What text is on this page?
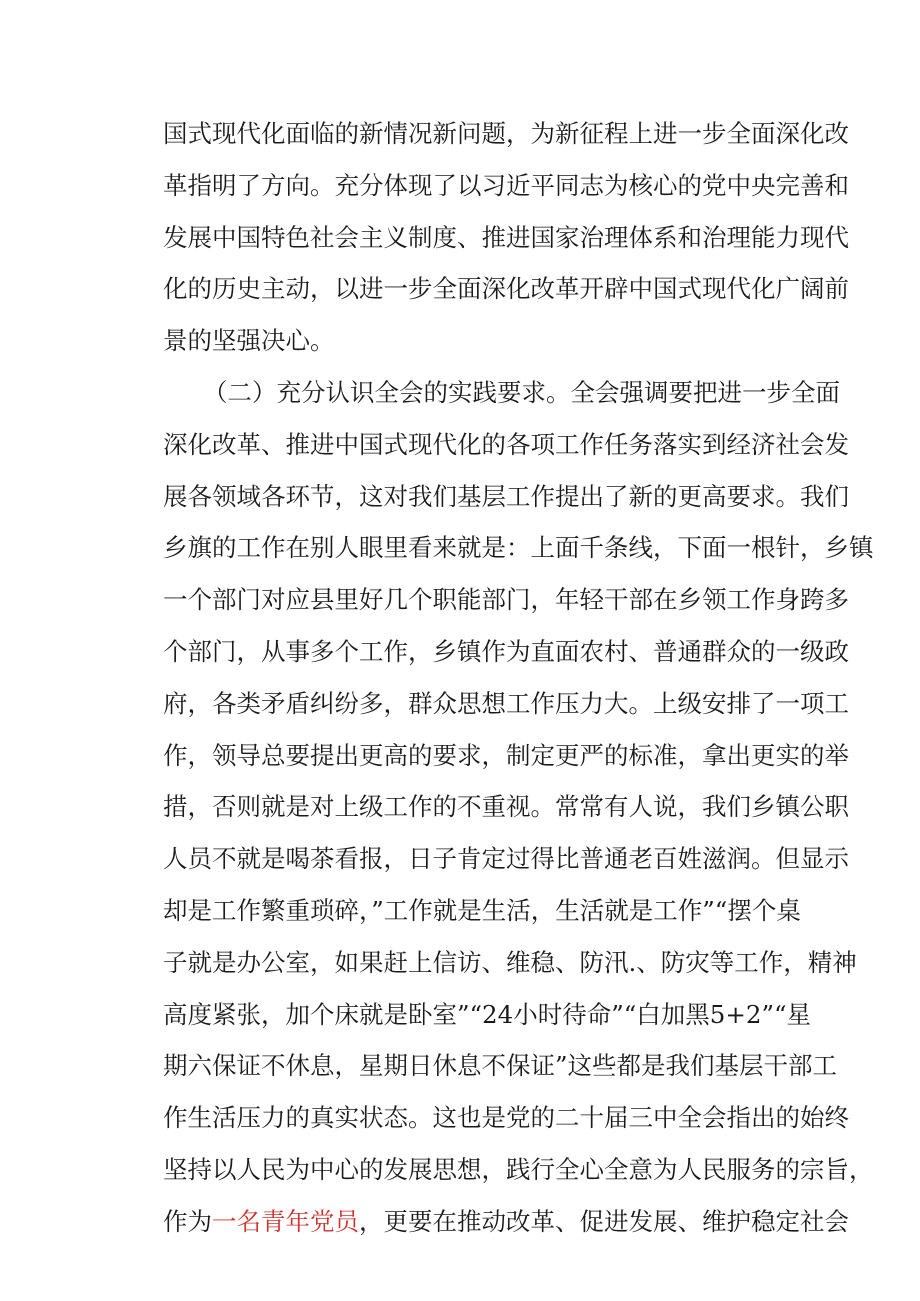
国式现代化面临的新情况新问题，为新征程上进一步全面深化改
革指明了方向。充分体现了以习近平同志为核心的党中央完善和
发展中国特色社会主义制度、推进国家治理体系和治理能力现代
化的历史主动，以进一步全面深化改革开辟中国式现代化广阔前
景的坚强决心。
（二）充分认识全会的实践要求。全会强调要把进一步全面
深化改革、推进中国式现代化的各项工作任务落实到经济社会发
展各领域各环节，这对我们基层工作提出了新的更高要求。我们
乡旗的工作在别人眼里看来就是：上面千条线，下面一根针，乡镇
一个部门对应县里好几个职能部门，年轻干部在乡领工作身跨多
个部门，从事多个工作，乡镇作为直面农村、普通群众的一级政
府，各类矛盾纠纷多，群众思想工作压力大。上级安排了一项工
作，领导总要提出更高的要求，制定更严的标准，拿出更实的举
措，否则就是对上级工作的不重视。常常有人说，我们乡镇公职
人员不就是喝茶看报，日子肯定过得比普通老百姓滋润。但显示
却是工作繁重琐碎，”工作就是生活，生活就是工作”“摆个桌
子就是办公室，如果赶上信访、维稳、防汛.、防灾等工作，精神
高度紧张，加个床就是卧室”“24小时待命”“白加黑5+2”“星
期六保证不休息，星期日休息不保证”这些都是我们基层干部工
作生活压力的真实状态。这也是党的二十届三中全会指出的始终
坚持以人民为中心的发展思想，践行全心全意为人民服务的宗旨，
作为一名青年党员，更要在推动改革、促进发展、维护稳定社会
